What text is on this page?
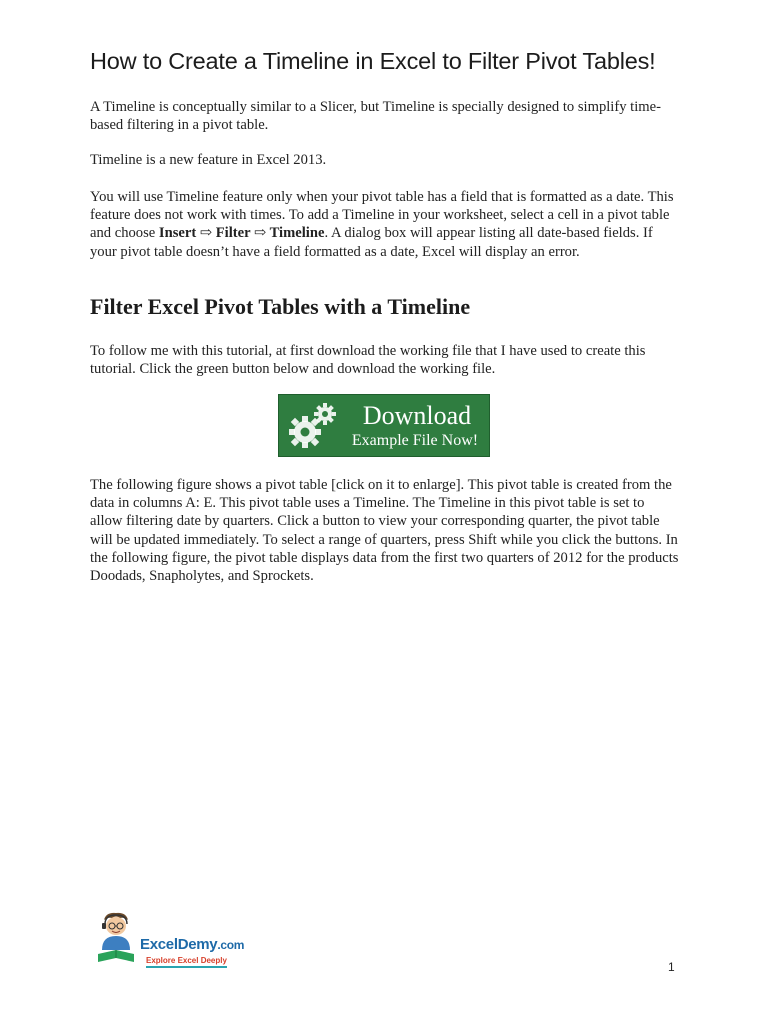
How to Create a Timeline in Excel to Filter Pivot Tables!

A Timeline is conceptually similar to a Slicer, but Timeline is specially designed to simplify time-based filtering in a pivot table.

Timeline is a new feature in Excel 2013.

You will use Timeline feature only when your pivot table has a field that is formatted as a date. This feature does not work with times. To add a Timeline in your worksheet, select a cell in a pivot table and choose Insert ⇨ Filter ⇨ Timeline. A dialog box will appear listing all date-based fields. If your pivot table doesn’t have a field formatted as a date, Excel will display an error.

Filter Excel Pivot Tables with a Timeline

To follow me with this tutorial, at first download the working file that I have used to create this tutorial. Click the green button below and download the working file.

Download
Example File Now!

The following figure shows a pivot table [click on it to enlarge]. This pivot table is created from the data in columns A: E. This pivot table uses a Timeline. The Timeline in this pivot table is set to allow filtering date by quarters. Click a button to view your corresponding quarter, the pivot table will be updated immediately. To select a range of quarters, press Shift while you click the buttons. In the following figure, the pivot table displays data from the first two quarters of 2012 for the products Doodads, Snapholytes, and Sprockets.

ExcelDemy.com
Explore Excel Deeply	1
